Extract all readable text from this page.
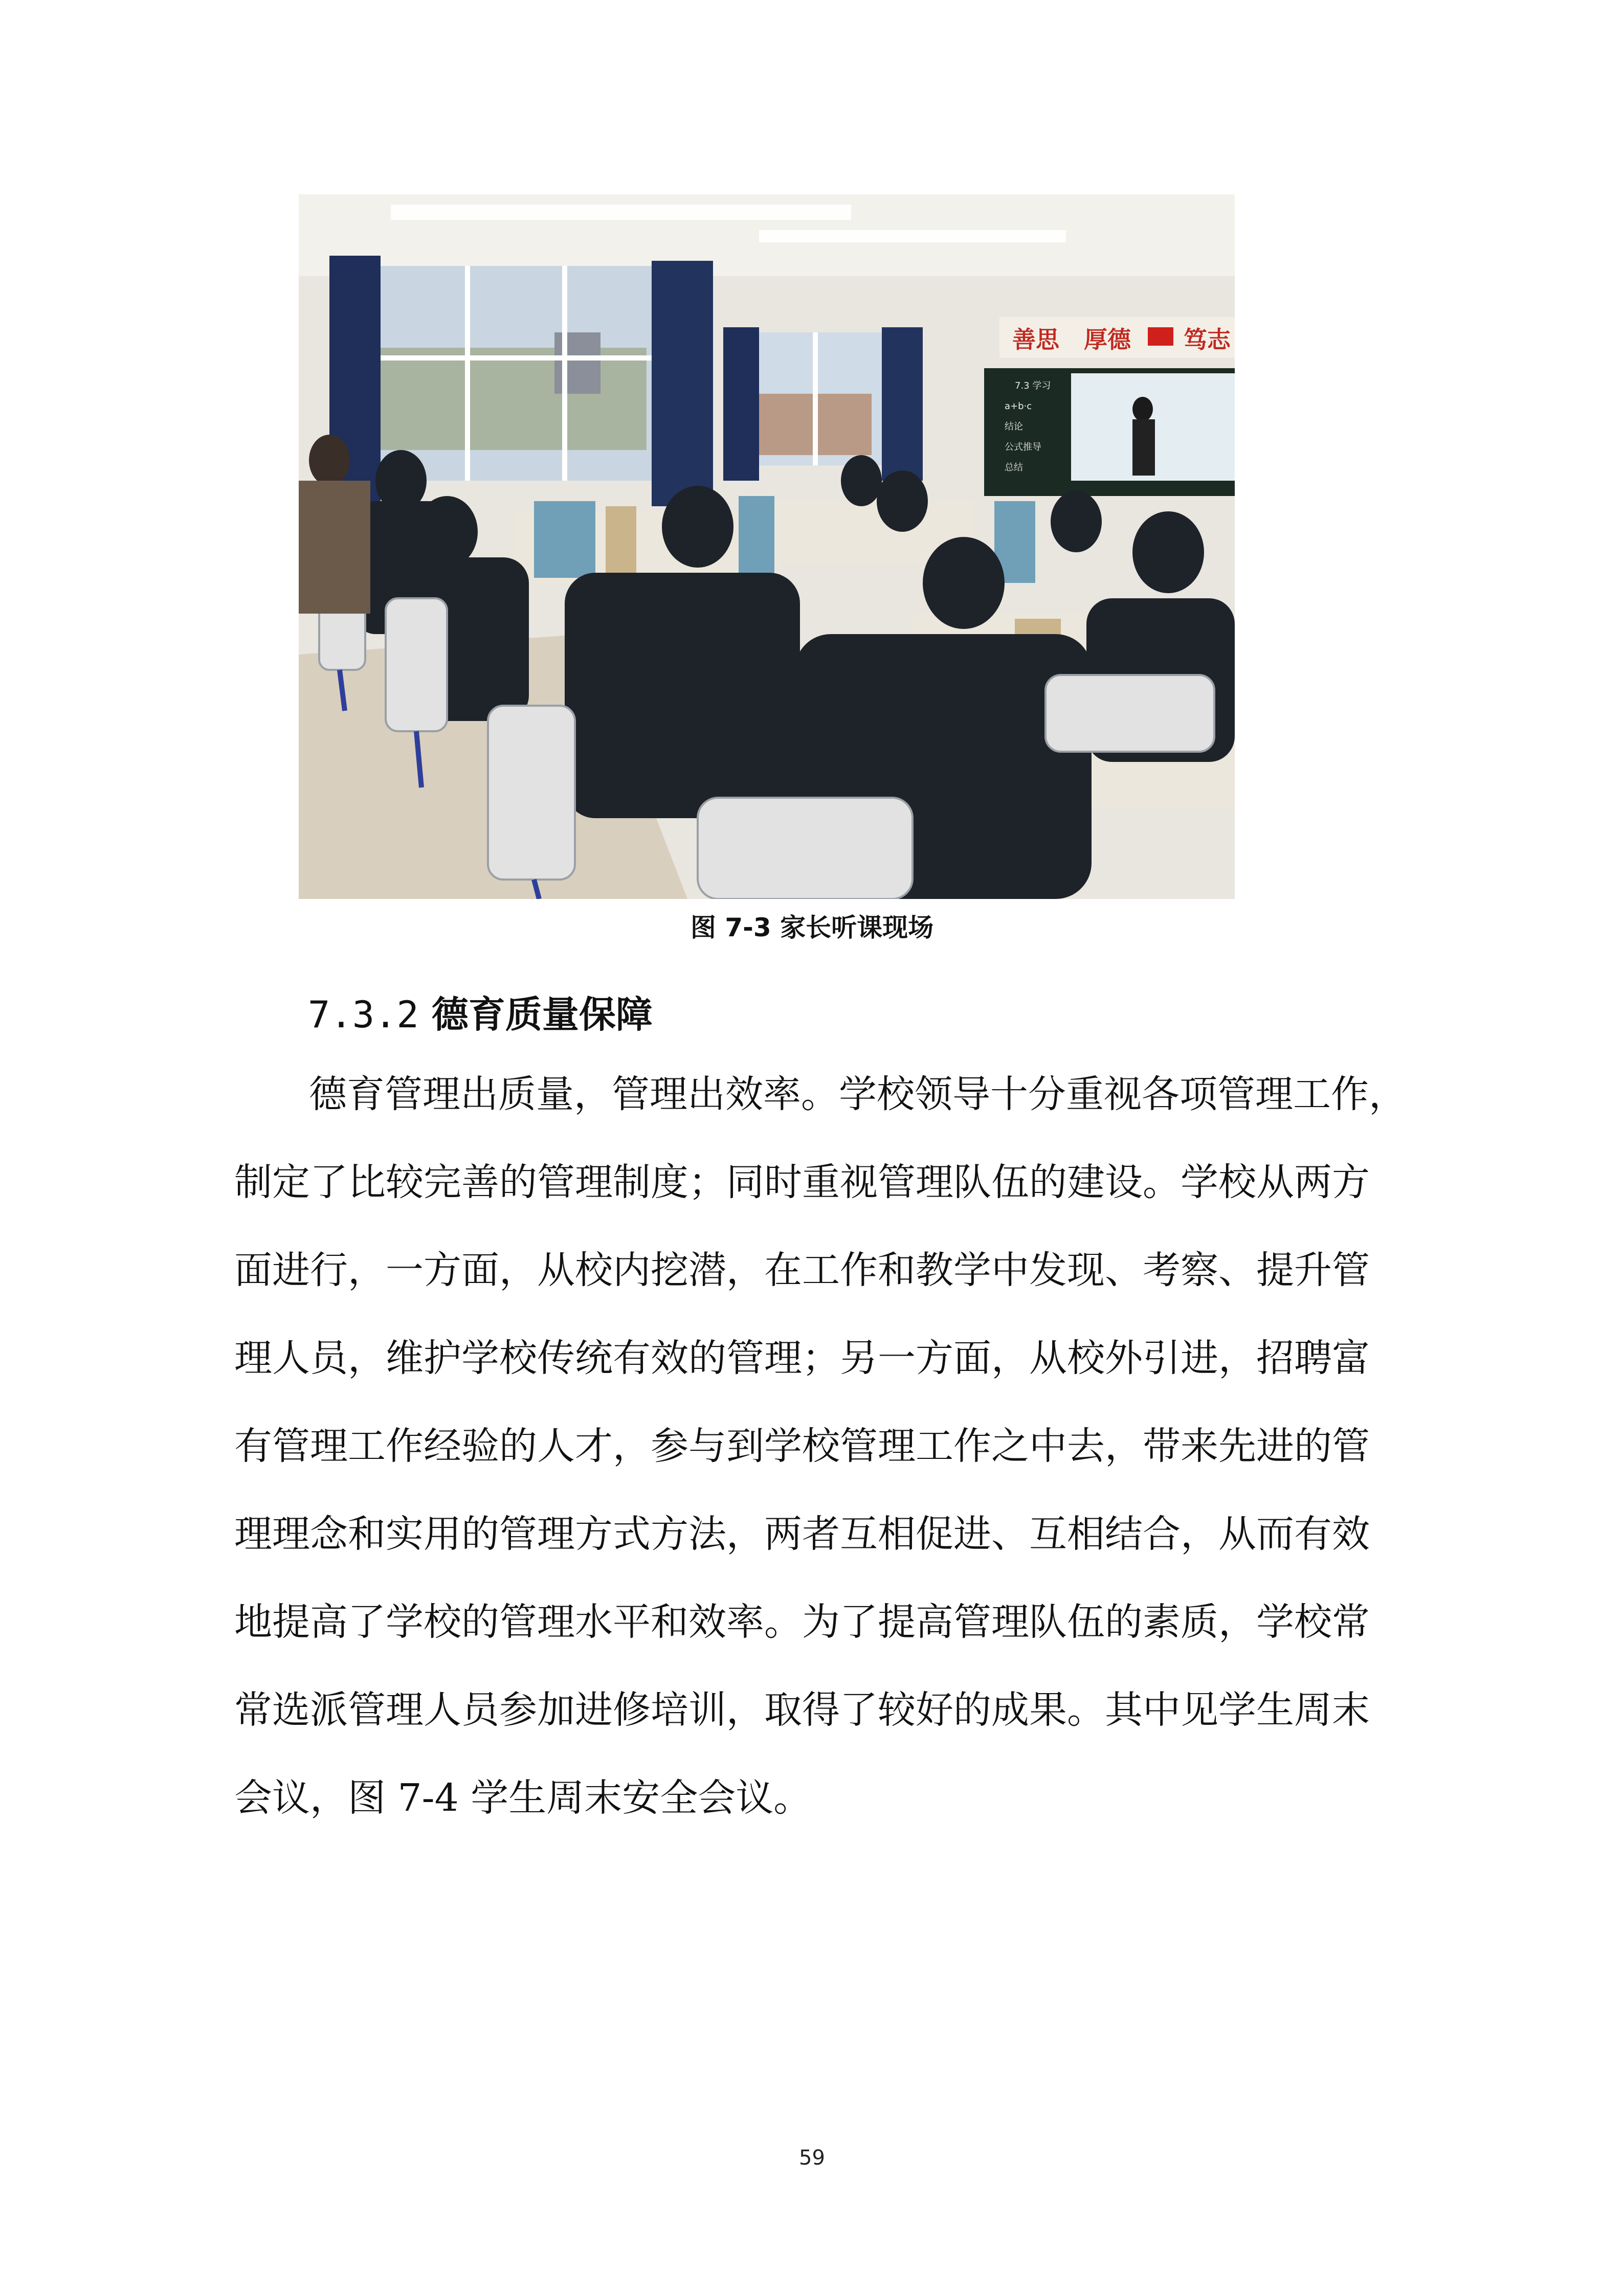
善思 厚德 笃志
7.3 学习
a+b·c
结论
公式推导
总结
图 7-3 家长听课现场
7.3.2 德育质量保障
德育管理出质量，管理出效率。学校领导十分重视各项管理工作，
制定了比较完善的管理制度；同时重视管理队伍的建设。学校从两方
面进行，一方面，从校内挖潜，在工作和教学中发现、考察、提升管
理人员，维护学校传统有效的管理；另一方面，从校外引进，招聘富
有管理工作经验的人才，参与到学校管理工作之中去，带来先进的管
理理念和实用的管理方式方法，两者互相促进、互相结合，从而有效
地提高了学校的管理水平和效率。为了提高管理队伍的素质，学校常
常选派管理人员参加进修培训，取得了较好的成果。其中见学生周末
会议，图 7-4 学生周末安全会议。
59
